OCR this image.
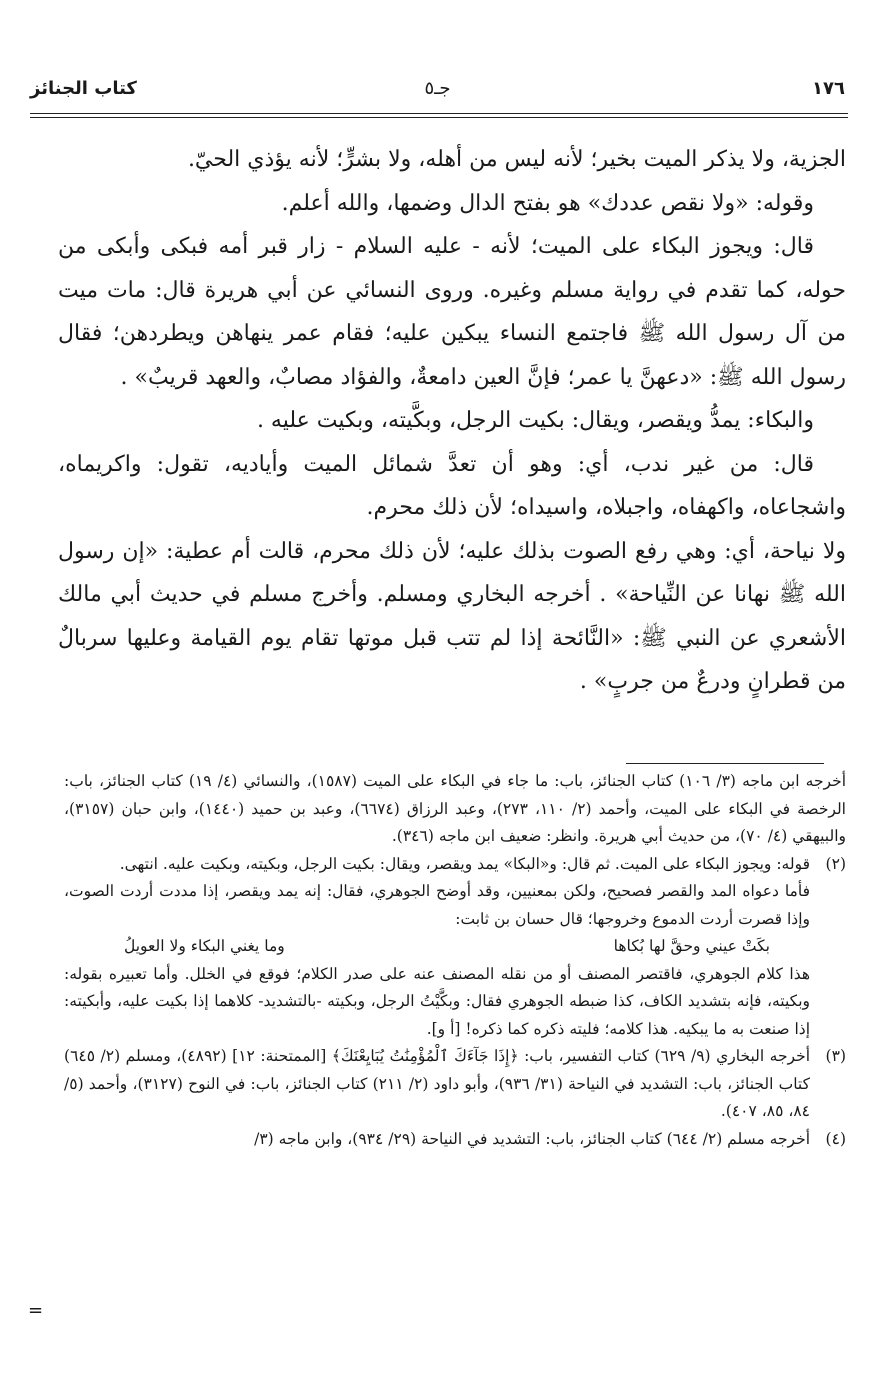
١٧٦
جـ٥
كتاب الجنائز

الجزية، ولا يذكر الميت بخير؛ لأنه ليس من أهله، ولا بشرٍّ؛ لأنه يؤذي الحيّ.

وقوله: «ولا نقص عددك» هو بفتح الدال وضمها، والله أعلم.

قال: ويجوز البكاء على الميت؛ لأنه - عليه السلام - زار قبر أمه فبكى وأبكى من حوله، كما تقدم في رواية مسلم وغيره. وروى النسائي عن أبي هريرة قال: مات ميت من آل رسول الله ﷺ فاجتمع النساء يبكين عليه؛ فقام عمر ينهاهن ويطردهن؛ فقال رسول الله ﷺ: «دعهنَّ يا عمر؛ فإنَّ العين دامعةٌ، والفؤاد مصابٌ، والعهد قريبٌ» .

والبكاء: يمدُّ ويقصر، ويقال: بكيت الرجل، وبكَّيته، وبكيت عليه .

قال: من غير ندب، أي: وهو أن تعدَّ شمائل الميت وأياديه، تقول: واكريماه، واشجاعاه، واكهفاه، واجبلاه، واسيداه؛ لأن ذلك محرم.

ولا نياحة، أي: وهي رفع الصوت بذلك عليه؛ لأن ذلك محرم، قالت أم عطية: «إن رسول الله ﷺ نهانا عن النِّياحة» . أخرجه البخاري ومسلم. وأخرج مسلم في حديث أبي مالك الأشعري عن النبي ﷺ: «النَّائحة إذا لم تتب قبل موتها تقام يوم القيامة وعليها سربالٌ من قطرانٍ ودرعٌ من جربٍ» .

أخرجه ابن ماجه (٣/ ١٠٦) كتاب الجنائز، باب: ما جاء في البكاء على الميت (١٥٨٧)، والنسائي (٤/ ١٩) كتاب الجنائز، باب: الرخصة في البكاء على الميت، وأحمد (٢/ ١١٠، ٢٧٣)، وعبد الرزاق (٦٦٧٤)، وعبد بن حميد (١٤٤٠)، وابن حبان (٣١٥٧)، والبيهقي (٤/ ٧٠)، من حديث أبي هريرة. وانظر: ضعيف ابن ماجه (٣٤٦).
(٢)
قوله: ويجوز البكاء على الميت. ثم قال: و«البكا» يمد ويقصر، ويقال: بكيت الرجل، وبكيته، وبكيت عليه. انتهى.
فأما دعواه المد والقصر فصحيح، ولكن بمعنيين، وقد أوضح الجوهري، فقال: إنه يمد ويقصر، إذا مددت أردت الصوت، وإذا قصرت أردت الدموع وخروجها؛ قال حسان بن ثابت:
بكَتْ عيني وحقَّ لها بُكاها
وما يغني البكاء ولا العويلُ
هذا كلام الجوهري، فاقتصر المصنف أو من نقله المصنف عنه على صدر الكلام؛ فوقع في الخلل. وأما تعبيره بقوله: وبكيته، فإنه بتشديد الكاف، كذا ضبطه الجوهري فقال: وبكَّيْتُ الرجل، وبكيته -بالتشديد- كلاهما إذا بكيت عليه، وأبكيته: إذا صنعت به ما يبكيه. هذا كلامه؛ فليته ذكره كما ذكره! [أ و].
(٣)
أخرجه البخاري (٩/ ٦٢٩) كتاب التفسير، باب: ﴿إِذَا جَآءَكَ ٱلْمُؤْمِنَٰتُ يُبَايِعْنَكَ﴾ [الممتحنة: ١٢] (٤٨٩٢)، ومسلم (٢/ ٦٤٥) كتاب الجنائز، باب: التشديد في النياحة (٣١/ ٩٣٦)، وأبو داود (٢/ ٢١١) كتاب الجنائز، باب: في النوح (٣١٢٧)، وأحمد (٥/ ٨٤، ٨٥، ٤٠٧).
(٤)
أخرجه مسلم (٢/ ٦٤٤) كتاب الجنائز، باب: التشديد في النياحة (٢٩/ ٩٣٤)، وابن ماجه (٣/
=
